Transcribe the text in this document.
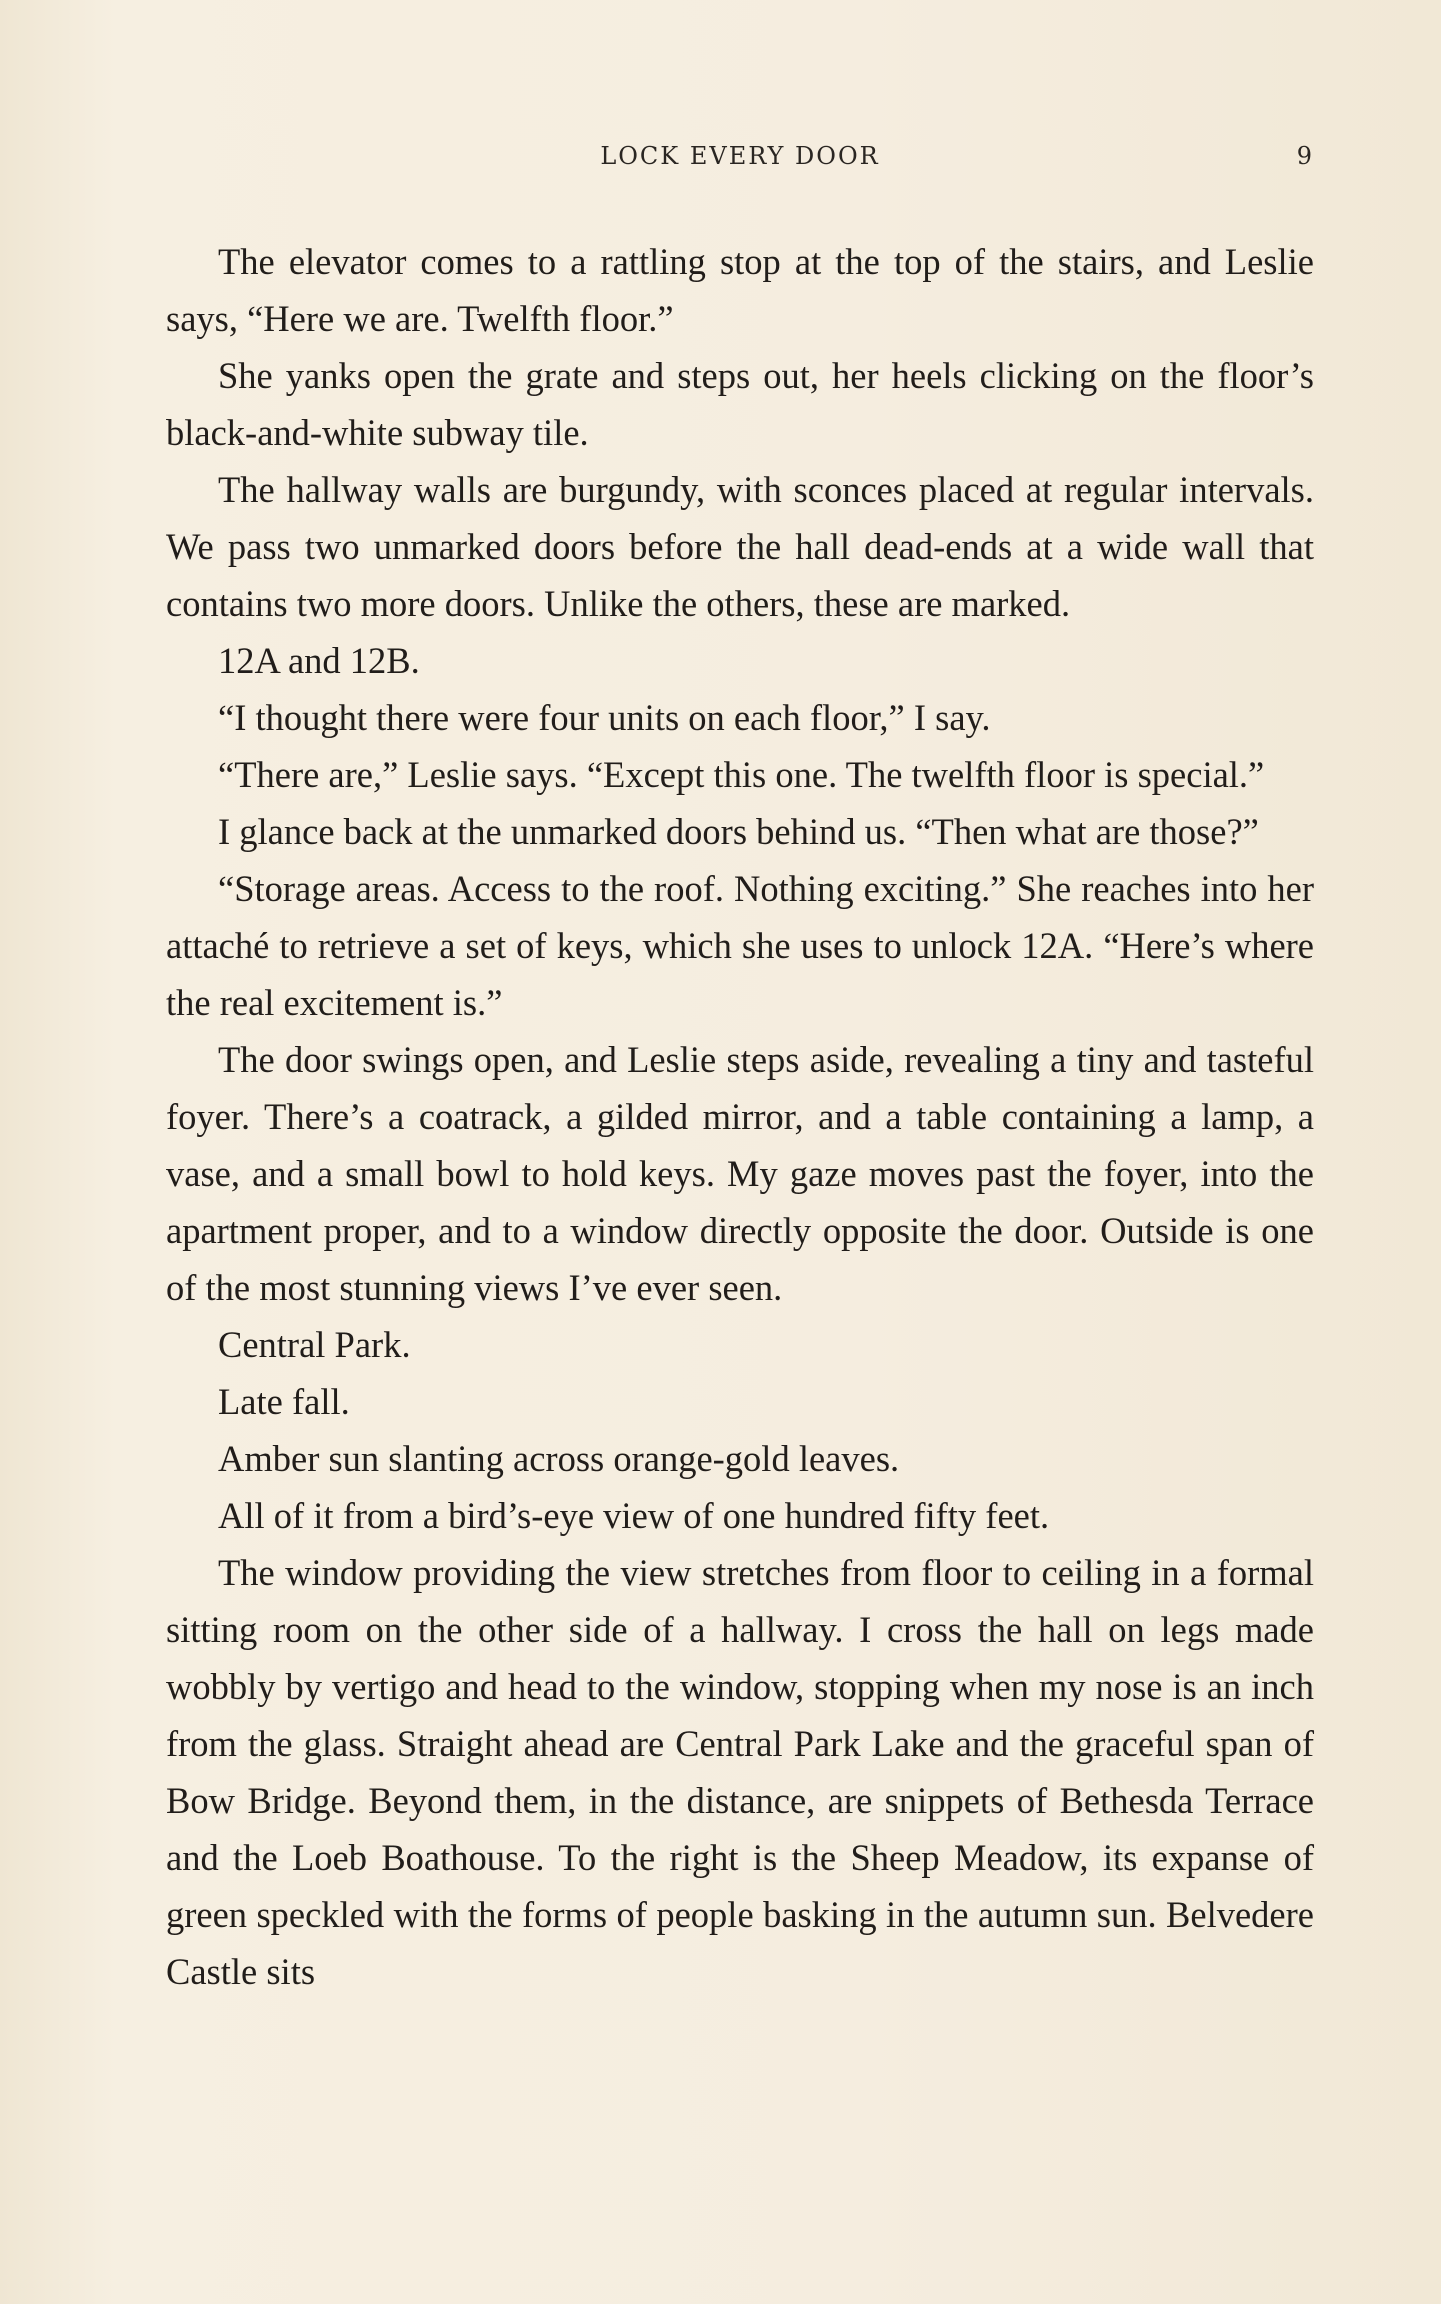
LOCK EVERY DOOR	9

The elevator comes to a rattling stop at the top of the stairs, and Leslie says, “Here we are. Twelfth floor.”

She yanks open the grate and steps out, her heels clicking on the floor’s black-and-white subway tile.

The hallway walls are burgundy, with sconces placed at regular intervals. We pass two unmarked doors before the hall dead-ends at a wide wall that contains two more doors. Unlike the others, these are marked.

12A and 12B.

“I thought there were four units on each floor,” I say.

“There are,” Leslie says. “Except this one. The twelfth floor is special.”

I glance back at the unmarked doors behind us. “Then what are those?”

“Storage areas. Access to the roof. Nothing exciting.” She reaches into her attaché to retrieve a set of keys, which she uses to unlock 12A. “Here’s where the real excitement is.”

The door swings open, and Leslie steps aside, revealing a tiny and tasteful foyer. There’s a coatrack, a gilded mirror, and a table containing a lamp, a vase, and a small bowl to hold keys. My gaze moves past the foyer, into the apartment proper, and to a window directly opposite the door. Outside is one of the most stunning views I’ve ever seen.

Central Park.

Late fall.

Amber sun slanting across orange-gold leaves.

All of it from a bird’s-eye view of one hundred fifty feet.

The window providing the view stretches from floor to ceiling in a formal sitting room on the other side of a hallway. I cross the hall on legs made wobbly by vertigo and head to the window, stopping when my nose is an inch from the glass. Straight ahead are Central Park Lake and the graceful span of Bow Bridge. Beyond them, in the distance, are snippets of Bethesda Terrace and the Loeb Boathouse. To the right is the Sheep Meadow, its expanse of green speckled with the forms of people basking in the autumn sun. Belvedere Castle sits
